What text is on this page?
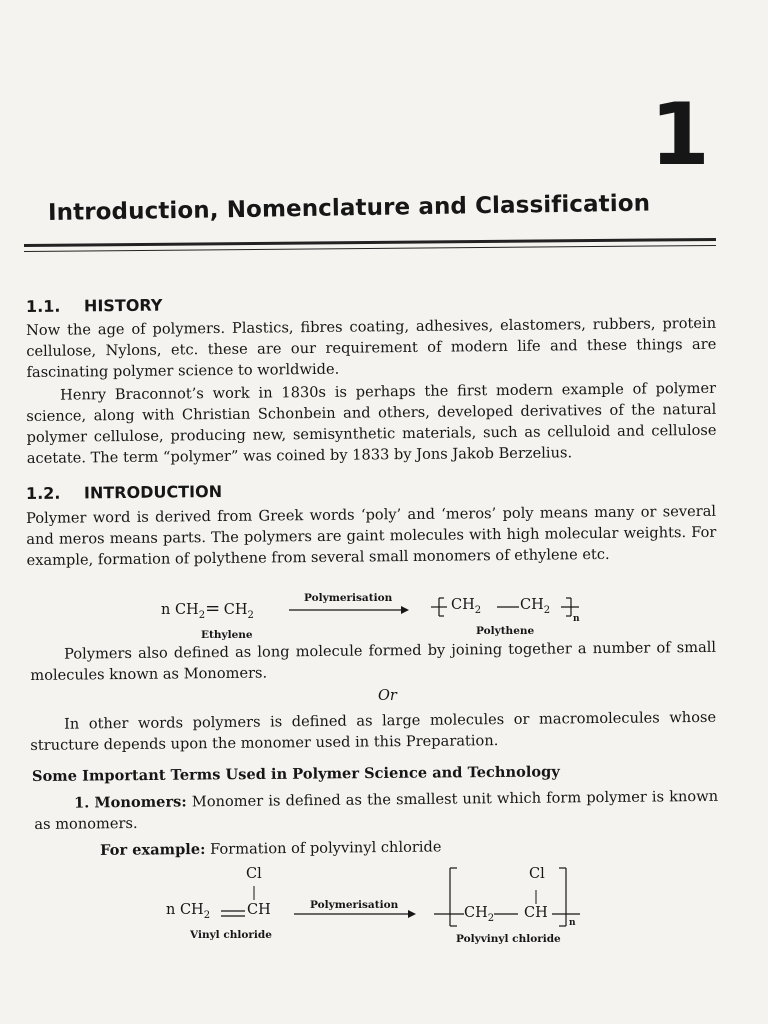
1
Introduction, Nomenclature and Classification
1.1. HISTORY
Now the age of polymers. Plastics, fibres coating, adhesives, elastomers, rubbers, protein cellulose, Nylons, etc. these are our requirement of modern life and these things are fascinating polymer science to worldwide.
Henry Braconnot’s work in 1830s is perhaps the first modern example of polymer science, along with Christian Schonbein and others, developed derivatives of the natural polymer cellulose, producing new, semisynthetic materials, such as celluloid and cellulose acetate. The term “polymer” was coined by 1833 by Jons Jakob Berzelius.
1.2. INTRODUCTION
Polymer word is derived from Greek words ‘poly’ and ‘meros’ poly means many or several and meros means parts. The polymers are gaint molecules with high molecular weights. For example, formation of polythene from several small monomers of ethylene etc.
n $CH_2= CH_2$
Polymerisation	$CH_2$	$CH_2$
n
Ethylene	Polythene
Polymers also defined as long molecule formed by joining together a number of small molecules known as Monomers.
Or
In other words polymers is defined as large molecules or macromolecules whose structure depends upon the monomer used in this Preparation.
Some Important Terms Used in Polymer Science and Technology
1. Monomers: Monomer is defined as the smallest unit which form polymer is known as monomers.
For example: Formation of polyvinyl chloride
Cl
n $CH_2$	CH	Polymerisation
Cl
$CH_2$ CH
n
Vinyl chloride	Polyvinyl chloride
